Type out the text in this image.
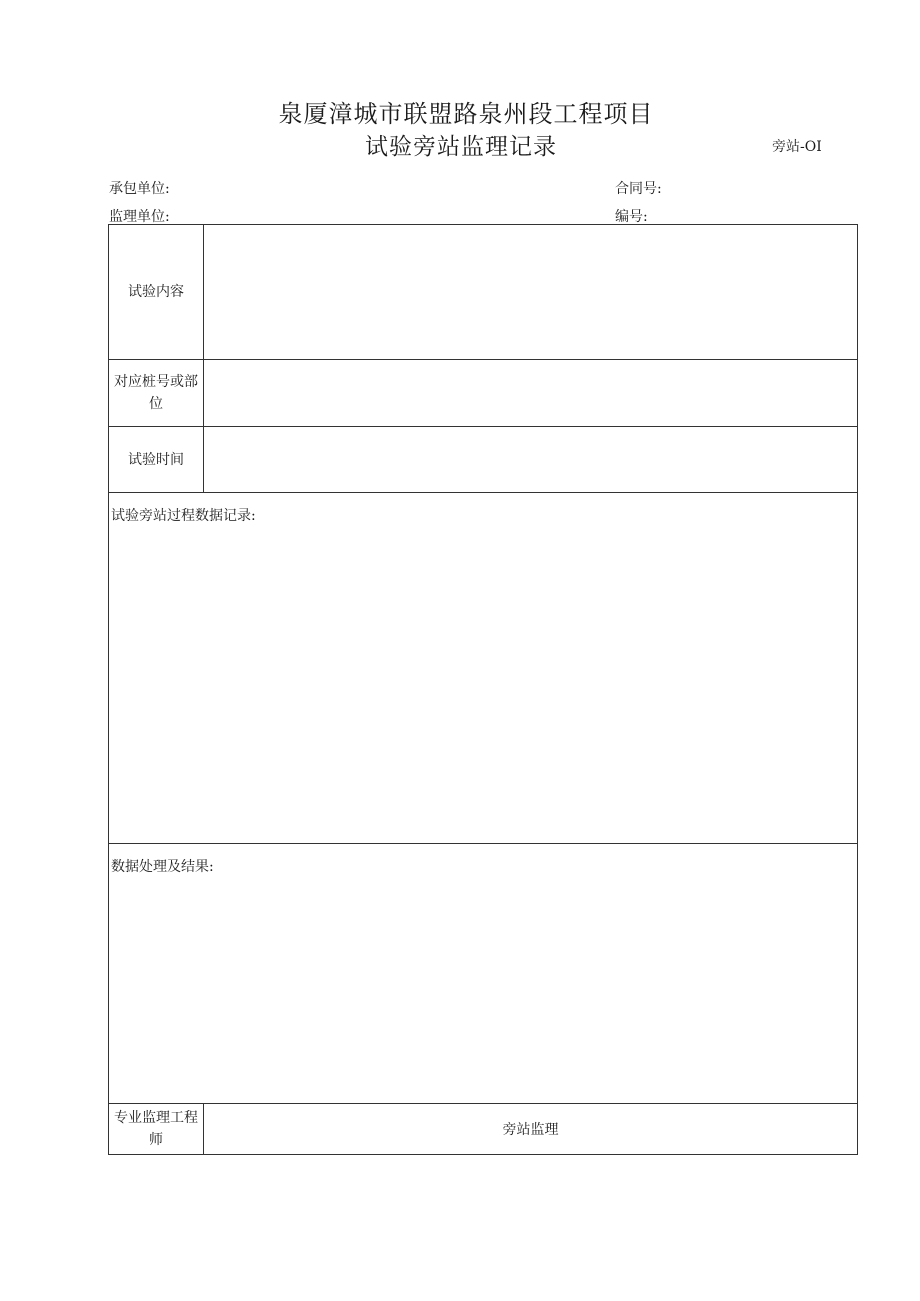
泉厦漳城市联盟路泉州段工程项目
试验旁站监理记录	旁站-OI
承包单位:	合同号:
监理单位:	编号:
试验内容	
对应桩号或部位	
试验时间	
试验旁站过程数据记录:	
数据处理及结果:	
专业监理工程师	旁站监理
